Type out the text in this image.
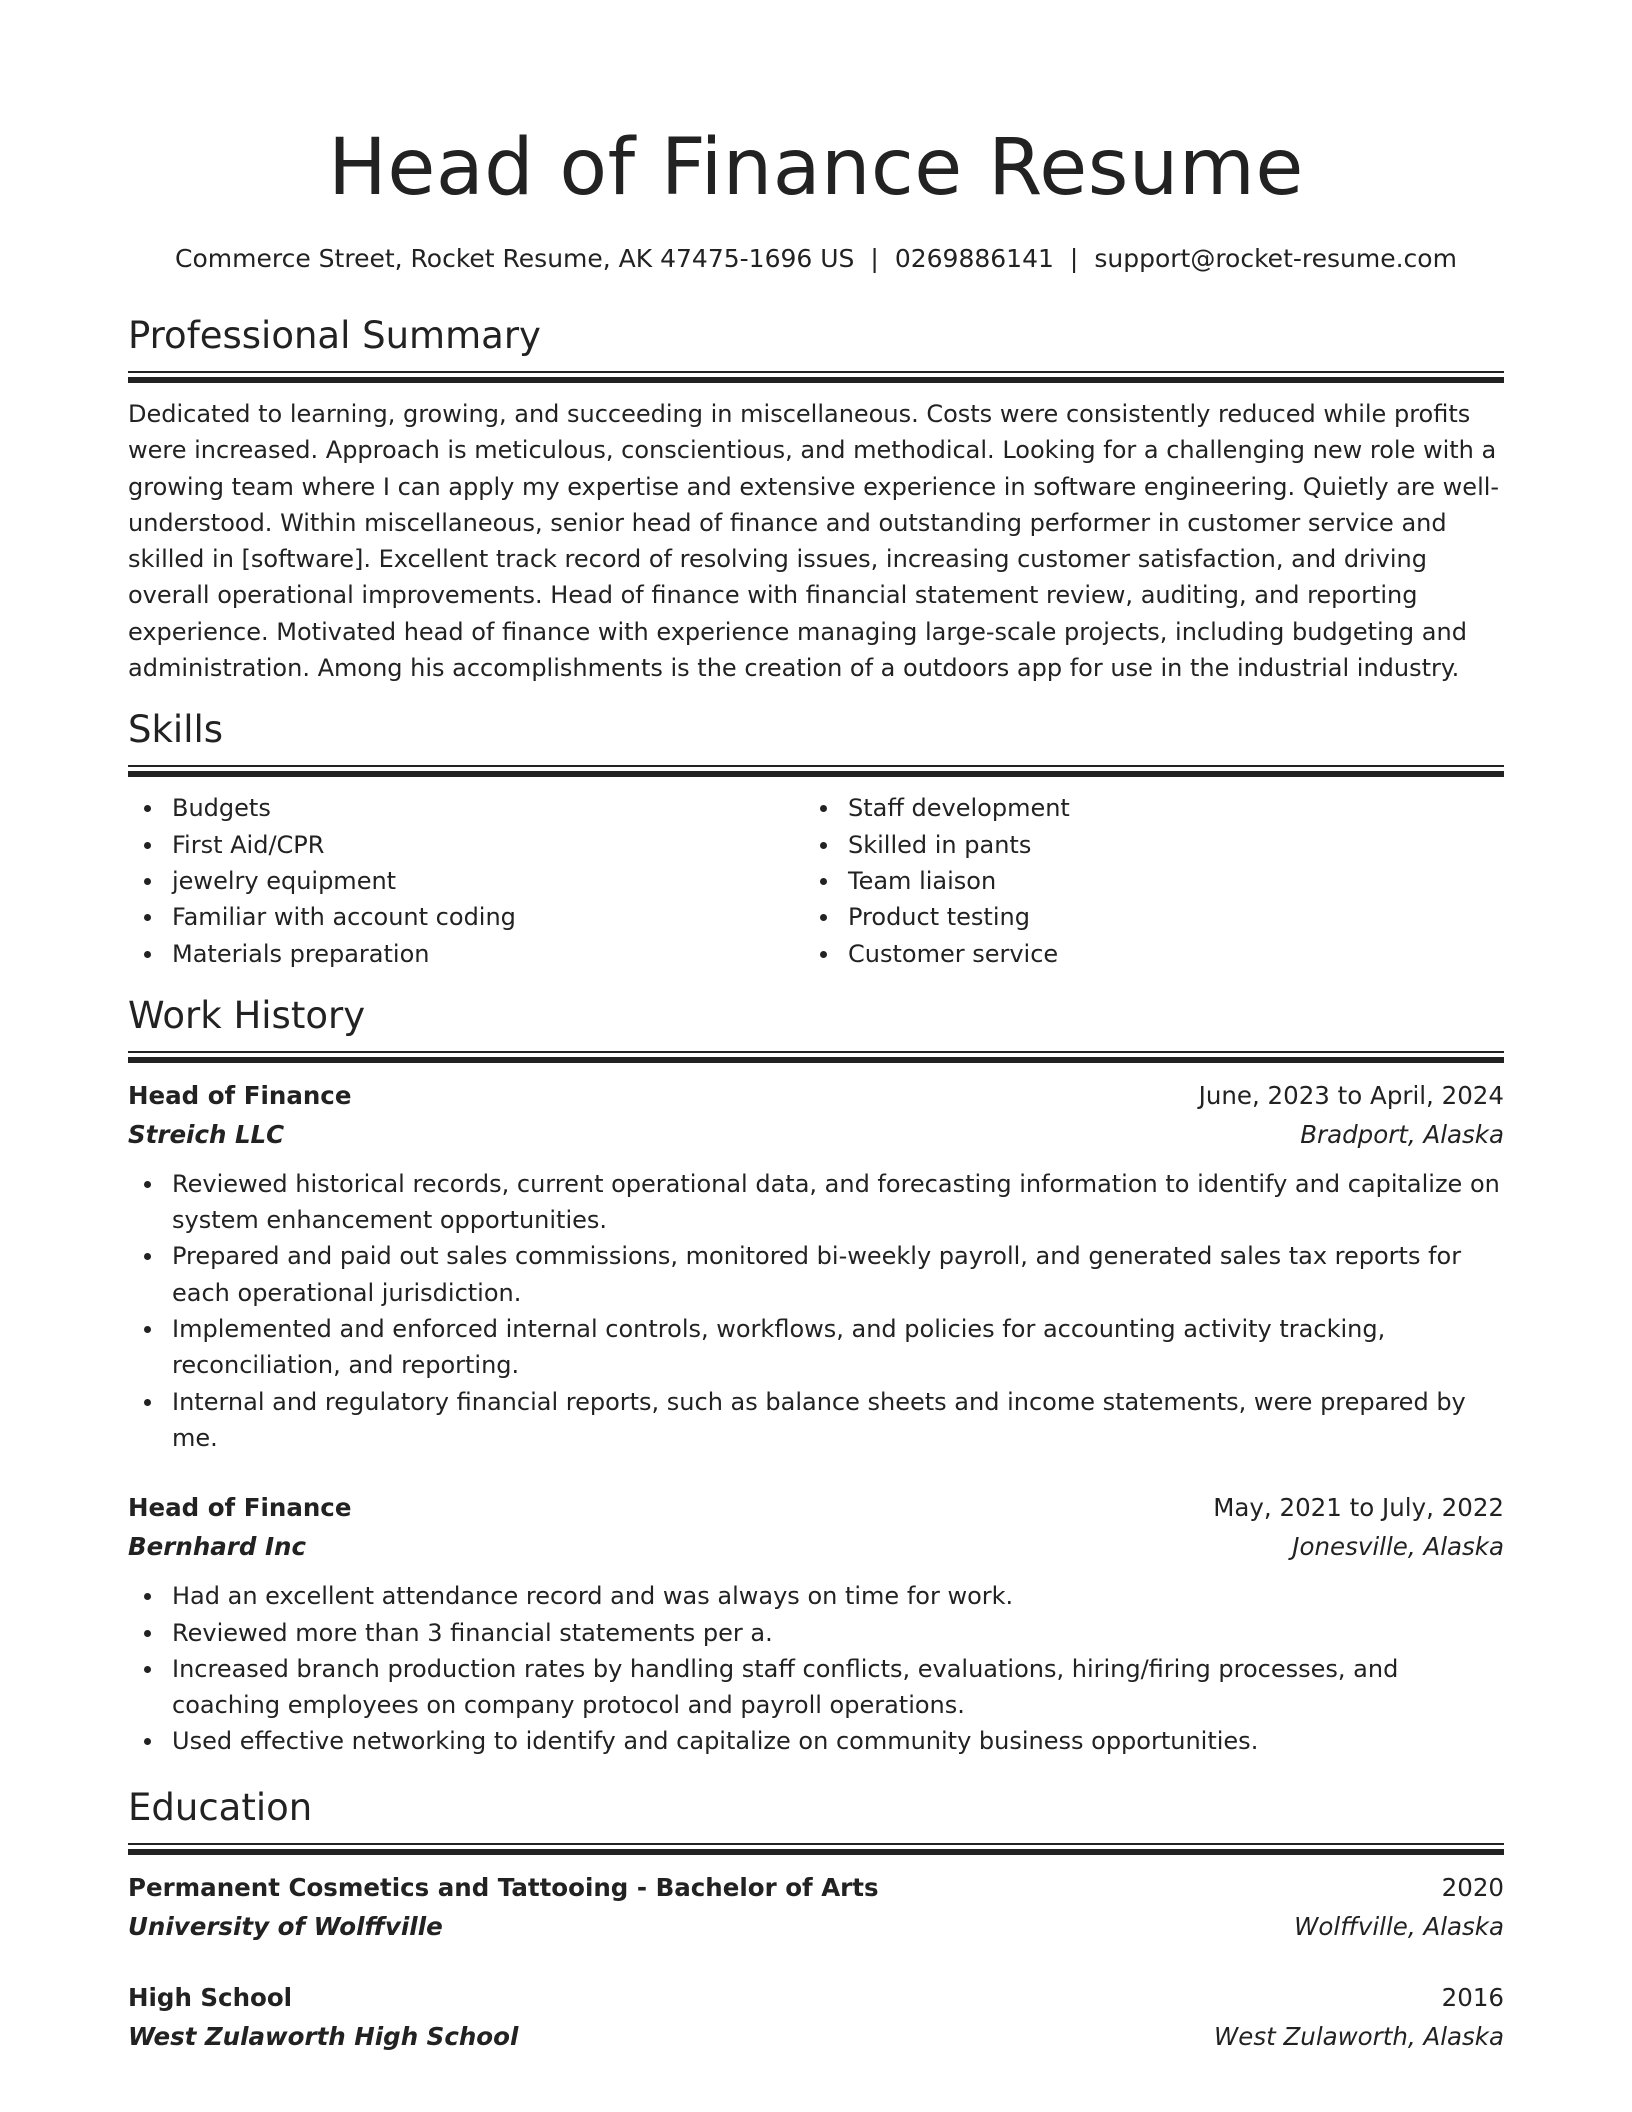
Head of Finance Resume
Commerce Street, Rocket Resume, AK 47475-1696 US | 0269886141 | support@rocket-resume.com
Professional Summary

Dedicated to learning, growing, and succeeding in miscellaneous. Costs were consistently reduced while profits were increased. Approach is meticulous, conscientious, and methodical. Looking for a challenging new role with a growing team where I can apply my expertise and extensive experience in software engineering. Quietly are well-understood. Within miscellaneous, senior head of finance and outstanding performer in customer service and skilled in [software]. Excellent track record of resolving issues, increasing customer satisfaction, and driving overall operational improvements. Head of finance with financial statement review, auditing, and reporting experience. Motivated head of finance with experience managing large-scale projects, including budgeting and administration. Among his accomplishments is the creation of a outdoors app for use in the industrial industry.

Skills
Budgets
First Aid/CPR
jewelry equipment
Familiar with account coding
Materials preparation
Staff development
Skilled in pants
Team liaison
Product testing
Customer service
Work History
Head of Finance	June, 2023 to April, 2024
Streich LLC	Bradport, Alaska
Reviewed historical records, current operational data, and forecasting information to identify and capitalize on system enhancement opportunities.
Prepared and paid out sales commissions, monitored bi-weekly payroll, and generated sales tax reports for each operational jurisdiction.
Implemented and enforced internal controls, workflows, and policies for accounting activity tracking, reconciliation, and reporting.
Internal and regulatory financial reports, such as balance sheets and income statements, were prepared by me.
Head of Finance	May, 2021 to July, 2022
Bernhard Inc	Jonesville, Alaska
Had an excellent attendance record and was always on time for work.
Reviewed more than 3 financial statements per a.
Increased branch production rates by handling staff conflicts, evaluations, hiring/firing processes, and coaching employees on company protocol and payroll operations.
Used effective networking to identify and capitalize on community business opportunities.
Education
Permanent Cosmetics and Tattooing - Bachelor of Arts	2020
University of Wolffville	Wolffville, Alaska
High School	2016
West Zulaworth High School	West Zulaworth, Alaska
